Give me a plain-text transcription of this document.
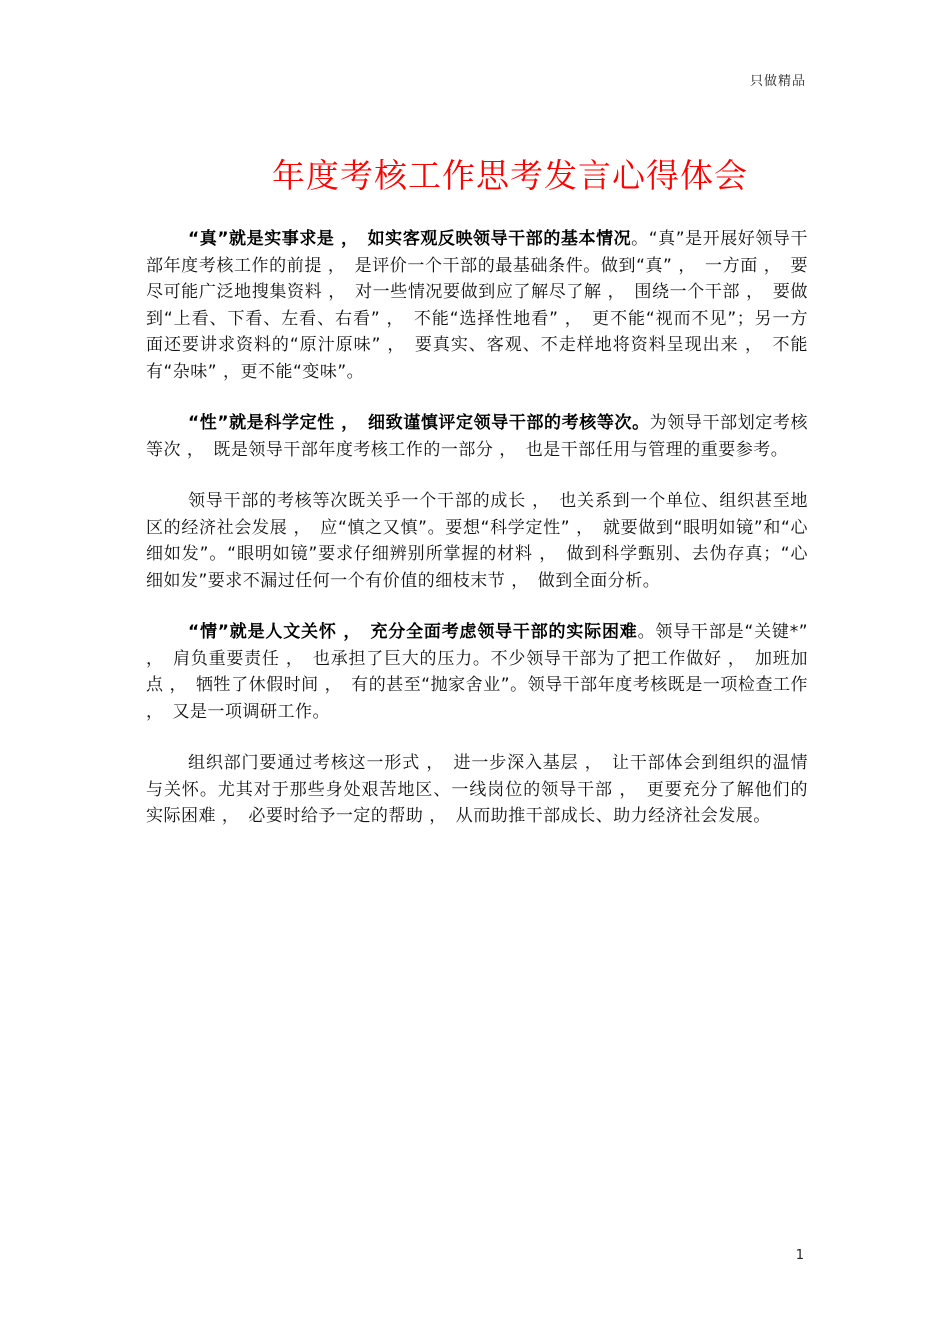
只做精品
年度考核工作思考发言心得体会

“真”就是实事求是 ，　如实客观反映领导干部的基本情况。“真”是开展好领导干部年度考核工作的前提 ，　是评价一个干部的最基础条件。做到“真” ，　一方面 ，　要尽可能广泛地搜集资料 ，　对一些情况要做到应了解尽了解 ，　围绕一个干部 ，　要做到“上看、下看、左看、右看” ，　不能“选择性地看” ，　更不能“视而不见”；另一方面还要讲求资料的“原汁原味” ，　要真实、客观、不走样地将资料呈现出来 ，　不能有“杂味” ，更不能“变味”。

“性”就是科学定性 ，　细致谨慎评定领导干部的考核等次。为领导干部划定考核等次 ，　既是领导干部年度考核工作的一部分 ，　也是干部任用与管理的重要参考。

领导干部的考核等次既关乎一个干部的成长 ，　也关系到一个单位、组织甚至地区的经济社会发展 ，　应“慎之又慎”。要想“科学定性” ，　就要做到“眼明如镜”和“心细如发”。“眼明如镜”要求仔细辨别所掌握的材料 ，　做到科学甄别、去伪存真；“心细如发”要求不漏过任何一个有价值的细枝末节 ，　做到全面分析。

“情”就是人文关怀 ，　充分全面考虑领导干部的实际困难。领导干部是“关键*” ，　肩负重要责任 ，　也承担了巨大的压力。不少领导干部为了把工作做好 ，　加班加点 ，　牺牲了休假时间 ，　有的甚至“抛家舍业”。领导干部年度考核既是一项检查工作 ，　又是一项调研工作。

组织部门要通过考核这一形式 ，　进一步深入基层 ，　让干部体会到组织的温情与关怀。尤其对于那些身处艰苦地区、一线岗位的领导干部 ，　更要充分了解他们的实际困难 ，　必要时给予一定的帮助 ，　从而助推干部成长、助力经济社会发展。

1
